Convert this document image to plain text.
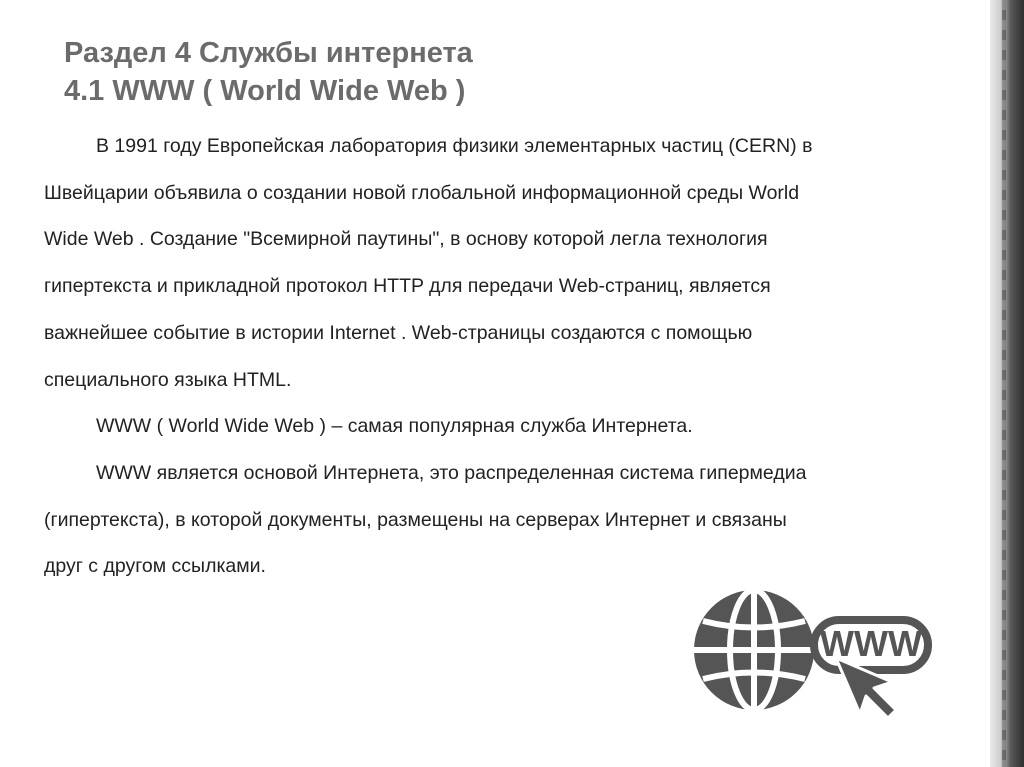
Раздел 4 Службы интернета
4.1 WWW ( World Wide Web )
В 1991 году Европейская лаборатория физики элементарных частиц (CERN) в
Швейцарии объявила о создании новой глобальной информационной среды World
Wide Web . Создание "Всемирной паутины", в основу которой легла технология
гипертекста и прикладной протокол HTTP для передачи Web-страниц, является
важнейшее событие в истории Internet . Web-страницы создаются с помощью
специального языка HTML.
WWW ( World Wide Web ) – самая популярная служба Интернета.
WWW является основой Интернета, это распределенная система гипермедиа
(гипертекста), в которой документы, размещены на серверах Интернет и связаны
друг с другом ссылками.
WWW
